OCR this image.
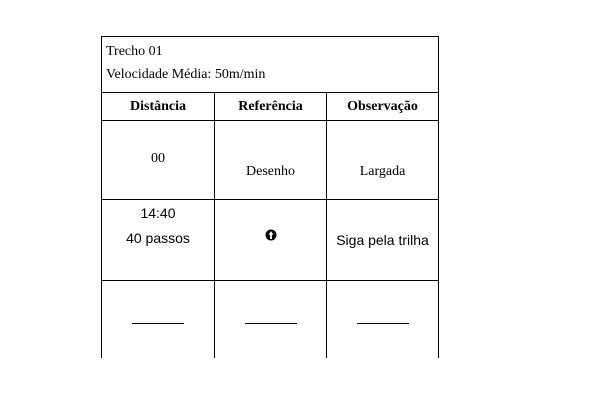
Trecho 01
Velocidade Média: 50m/min		

Distância	Referência	Observação

00	Desenho	Largada

14:40
40 passos		Siga pela trilha
